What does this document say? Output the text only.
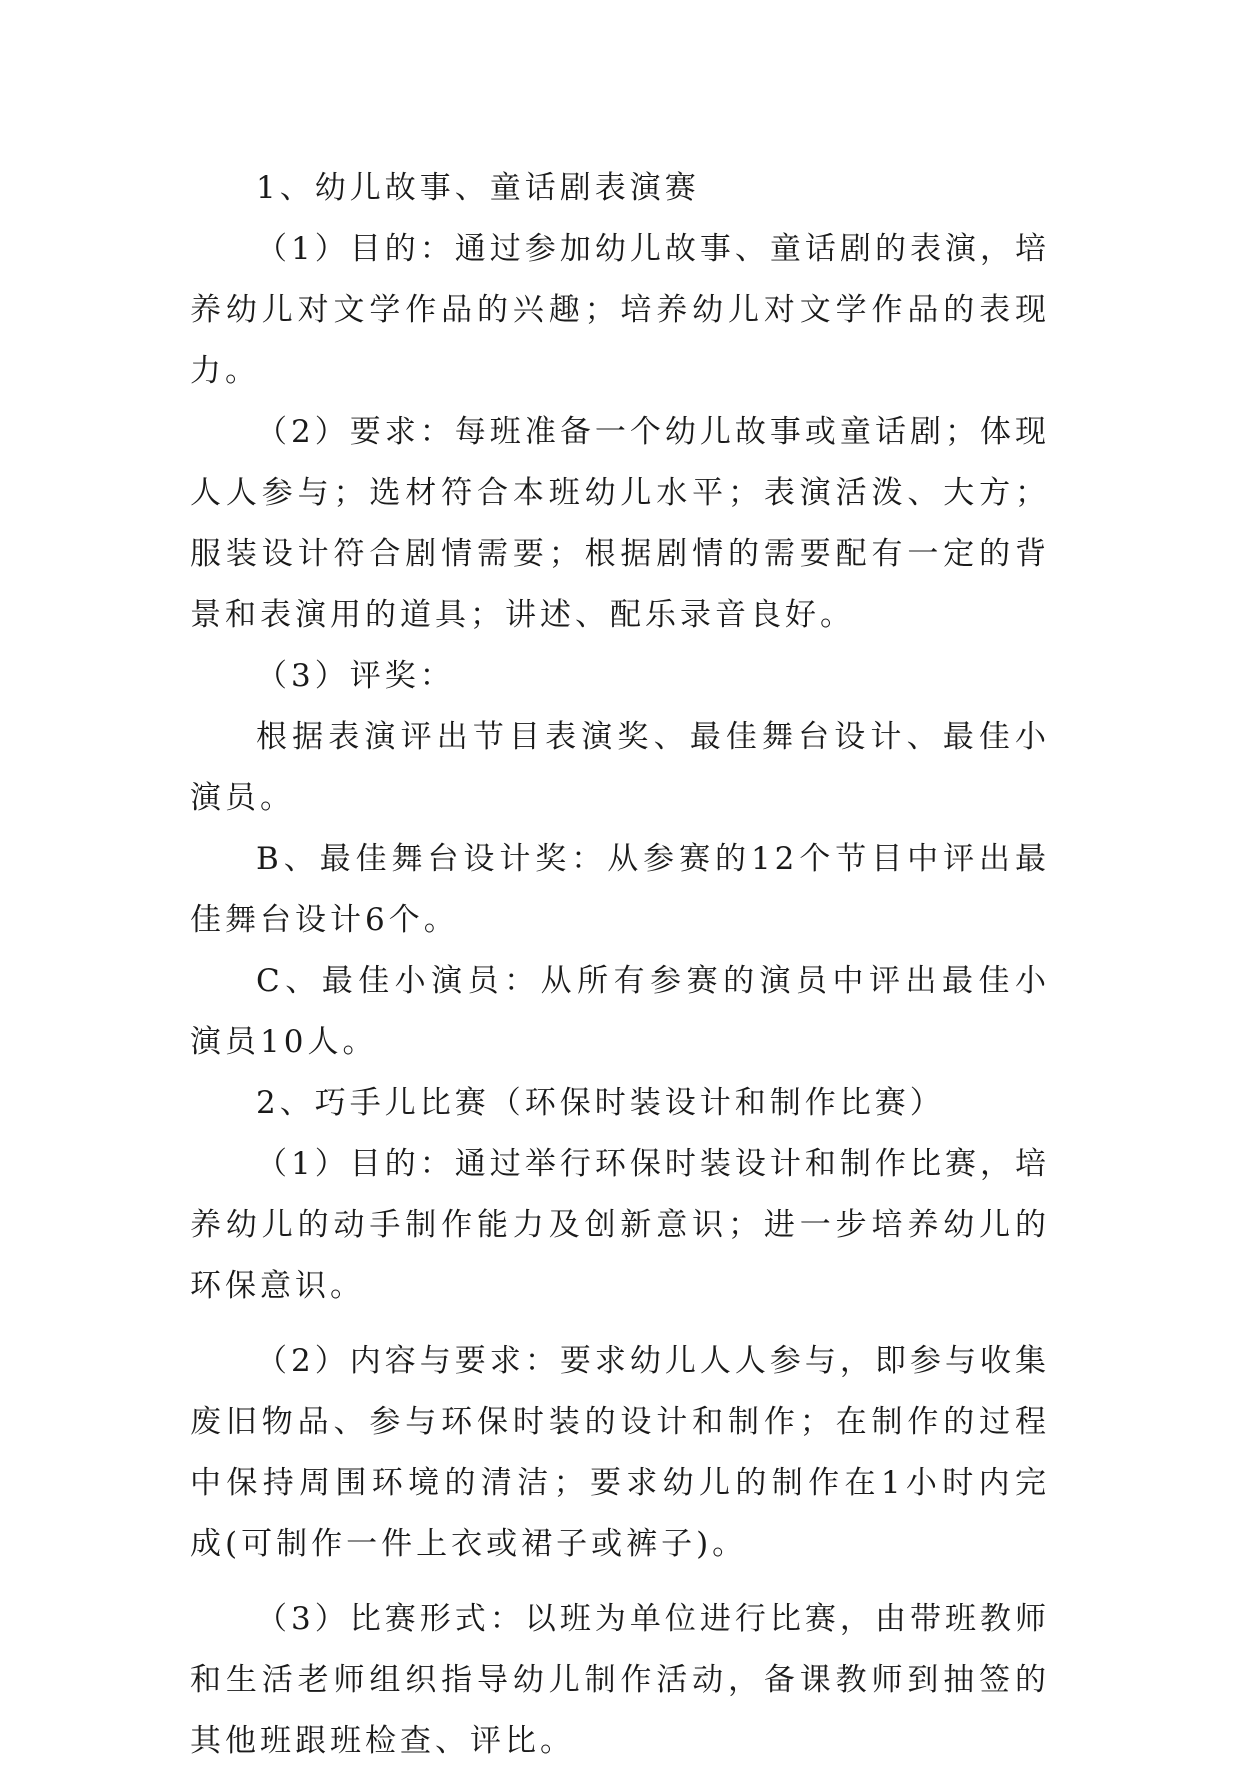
1、幼儿故事、童话剧表演赛

（1）目的：通过参加幼儿故事、童话剧的表演，培养幼儿对文学作品的兴趣；培养幼儿对文学作品的表现力。

（2）要求：每班准备一个幼儿故事或童话剧；体现人人参与；选材符合本班幼儿水平；表演活泼、大方；服装设计符合剧情需要；根据剧情的需要配有一定的背景和表演用的道具；讲述、配乐录音良好。

（3）评奖：

根据表演评出节目表演奖、最佳舞台设计、最佳小演员。

B、最佳舞台设计奖：从参赛的12个节目中评出最佳舞台设计6个。

C、最佳小演员：从所有参赛的演员中评出最佳小演员10人。

2、巧手儿比赛（环保时装设计和制作比赛）

（1）目的：通过举行环保时装设计和制作比赛，培养幼儿的动手制作能力及创新意识；进一步培养幼儿的环保意识。

（2）内容与要求：要求幼儿人人参与，即参与收集废旧物品、参与环保时装的设计和制作；在制作的过程中保持周围环境的清洁；要求幼儿的制作在1小时内完成(可制作一件上衣或裙子或裤子)。

（3）比赛形式：以班为单位进行比赛，由带班教师和生活老师组织指导幼儿制作活动，备课教师到抽签的其他班跟班检查、评比。
